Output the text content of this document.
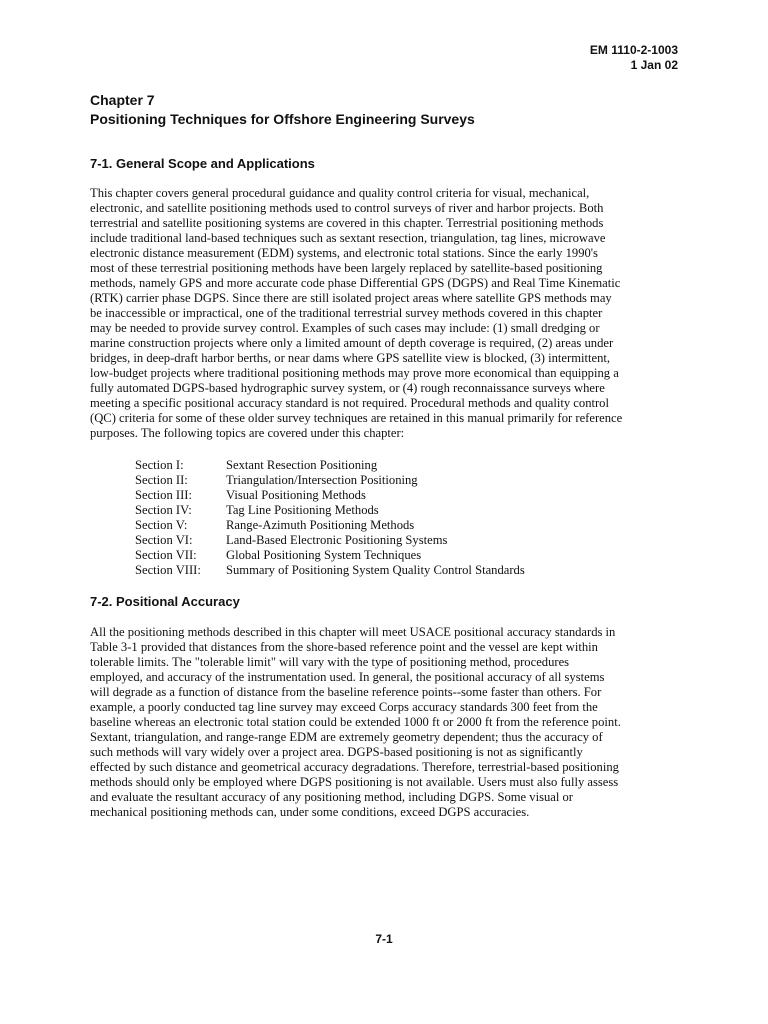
EM 1110-2-1003
1 Jan 02
Chapter 7
Positioning Techniques for Offshore Engineering Surveys
7-1. General Scope and Applications
This chapter covers general procedural guidance and quality control criteria for visual, mechanical,
electronic, and satellite positioning methods used to control surveys of river and harbor projects. Both
terrestrial and satellite positioning systems are covered in this chapter. Terrestrial positioning methods
include traditional land-based techniques such as sextant resection, triangulation, tag lines, microwave
electronic distance measurement (EDM) systems, and electronic total stations. Since the early 1990's
most of these terrestrial positioning methods have been largely replaced by satellite-based positioning
methods, namely GPS and more accurate code phase Differential GPS (DGPS) and Real Time Kinematic
(RTK) carrier phase DGPS. Since there are still isolated project areas where satellite GPS methods may
be inaccessible or impractical, one of the traditional terrestrial survey methods covered in this chapter
may be needed to provide survey control. Examples of such cases may include: (1) small dredging or
marine construction projects where only a limited amount of depth coverage is required, (2) areas under
bridges, in deep-draft harbor berths, or near dams where GPS satellite view is blocked, (3) intermittent,
low-budget projects where traditional positioning methods may prove more economical than equipping a
fully automated DGPS-based hydrographic survey system, or (4) rough reconnaissance surveys where
meeting a specific positional accuracy standard is not required. Procedural methods and quality control
(QC) criteria for some of these older survey techniques are retained in this manual primarily for reference
purposes. The following topics are covered under this chapter:
Section I:	Sextant Resection Positioning
Section II:	Triangulation/Intersection Positioning
Section III:	Visual Positioning Methods
Section IV:	Tag Line Positioning Methods
Section V:	Range-Azimuth Positioning Methods
Section VI:	Land-Based Electronic Positioning Systems
Section VII:	Global Positioning System Techniques
Section VIII:	Summary of Positioning System Quality Control Standards
7-2. Positional Accuracy
All the positioning methods described in this chapter will meet USACE positional accuracy standards in
Table 3-1 provided that distances from the shore-based reference point and the vessel are kept within
tolerable limits. The "tolerable limit" will vary with the type of positioning method, procedures
employed, and accuracy of the instrumentation used. In general, the positional accuracy of all systems
will degrade as a function of distance from the baseline reference points--some faster than others. For
example, a poorly conducted tag line survey may exceed Corps accuracy standards 300 feet from the
baseline whereas an electronic total station could be extended 1000 ft or 2000 ft from the reference point.
Sextant, triangulation, and range-range EDM are extremely geometry dependent; thus the accuracy of
such methods will vary widely over a project area. DGPS-based positioning is not as significantly
effected by such distance and geometrical accuracy degradations. Therefore, terrestrial-based positioning
methods should only be employed where DGPS positioning is not available. Users must also fully assess
and evaluate the resultant accuracy of any positioning method, including DGPS. Some visual or
mechanical positioning methods can, under some conditions, exceed DGPS accuracies.
7-1
